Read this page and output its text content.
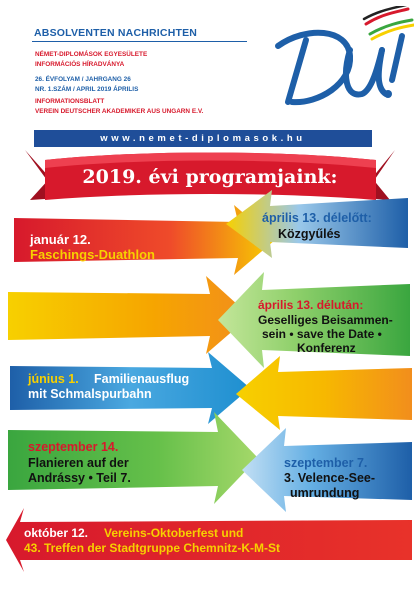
ABSOLVENTEN NACHRICHTEN
NÉMET-DIPLOMÁSOK EGYESÜLETE
INFORMÁCIÓS HÍRADVÁNYA
26. ÉVFOLYAM / JAHRGANG 26
NR. 1.SZÁM / APRIL 2019 ÁPRILIS
INFORMATIONSBLATT
VEREIN DEUTSCHER AKADEMIKER AUS UNGARN E.V.
www.nemet-diplomasok.hu
2019. évi programjaink:
január 12.
Faschings-Duathlon
április 13. délelőtt:
Közgyűlés
április 13. délután:
Geselliges Beisammen-
sein • save the Date •
Konferenz
június 1. Familienausflug
mit Schmalspurbahn
szeptember 14.
Flanieren auf der
Andrássy • Teil 7.
szeptember 7.
3. Velence-See-
umrundung
október 12. Vereins-Oktoberfest und
43. Treffen der Stadtgruppe Chemnitz-K-M-St
